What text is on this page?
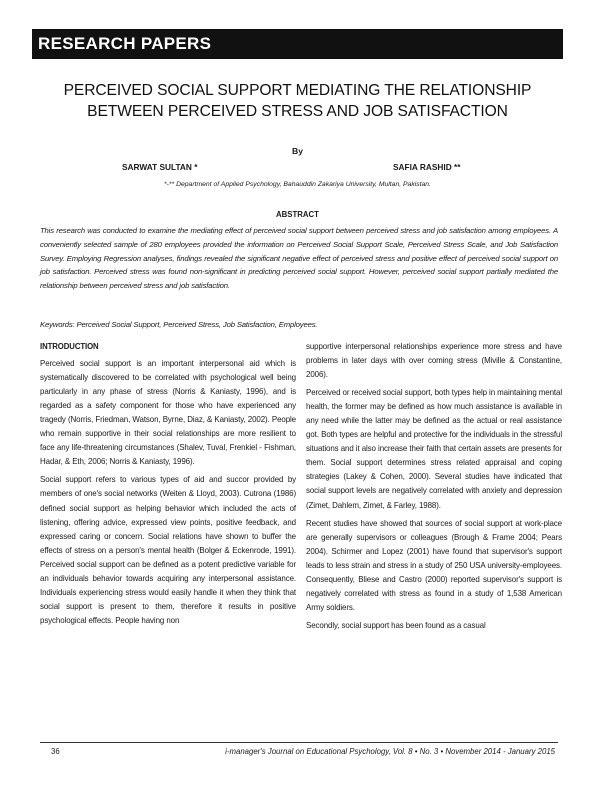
RESEARCH PAPERS
PERCEIVED SOCIAL SUPPORT MEDIATING THE RELATIONSHIP
BETWEEN PERCEIVED STRESS AND JOB SATISFACTION
By
SARWAT SULTAN *	SAFIA RASHID **
*-** Department of Applied Psychology, Bahauddin Zakariya University, Multan, Pakistan.
ABSTRACT

This research was conducted to examine the mediating effect of perceived social support between perceived stress and job satisfaction among employees. A conveniently selected sample of 280 employees provided the information on Perceived Social Support Scale, Perceived Stress Scale, and Job Satisfaction Survey. Employing Regression analyses, findings revealed the significant negative effect of perceived stress and positive effect of perceived social support on job satisfaction. Perceived stress was found non-significant in predicting perceived social support. However, perceived social support partially mediated the relationship between perceived stress and job satisfaction.

Keywords: Perceived Social Support, Perceived Stress, Job Satisfaction, Employees.
INTRODUCTION

Perceived social support is an important interpersonal aid which is systematically discovered to be correlated with psychological well being particularly in any phase of stress (Norris & Kaniasty, 1996), and is regarded as a safety component for those who have experienced any tragedy (Norris, Friedman, Watson, Byrne, Diaz, & Kaniasty, 2002). People who remain supportive in their social relationships are more resilient to face any life-threatening circumstances (Shalev, Tuval, Frenkiel - Fishman, Hadar, & Eth, 2006; Norris & Kaniasty, 1996).

Social support refers to various types of aid and succor provided by members of one's social networks (Weiten & Lloyd, 2003). Cutrona (1986) defined social support as helping behavior which included the acts of listening, offering advice, expressed view points, positive feedback, and expressed caring or concern. Social relations have shown to buffer the effects of stress on a person's mental health (Bolger & Eckenrode, 1991). Perceived social support can be defined as a potent predictive variable for an individuals behavior towards acquiring any interpersonal assistance. Individuals experiencing stress would easily handle it when they think that social support is present to them, therefore it results in positive psychological effects. People having non

supportive interpersonal relationships experience more stress and have problems in later days with over coming stress (Miville & Constantine, 2006).

Perceived or received social support, both types help in maintaining mental health, the former may be defined as how much assistance is available in any need while the latter may be defined as the actual or real assistance got. Both types are helpful and protective for the individuals in the stressful situations and it also increase their faith that certain assets are presents for them. Social support determines stress related appraisal and coping strategies (Lakey & Cohen, 2000). Several studies have indicated that social support levels are negatively correlated with anxiety and depression (Zimet, Dahlem, Zimet, & Farley, 1988).

Recent studies have showed that sources of social support at work-place are generally supervisors or colleagues (Brough & Frame 2004; Pears 2004). Schirmer and Lopez (2001) have found that supervisor's support leads to less strain and stress in a study of 250 USA university-employees. Consequently, Bliese and Castro (2000) reported supervisor's support is negatively correlated with stress as found in a study of 1,538 American Army soldiers.

Secondly, social support has been found as a casual

36	i-manager's Journal on Educational Psychology, Vol. 8 • No. 3 • November 2014 - January 2015
